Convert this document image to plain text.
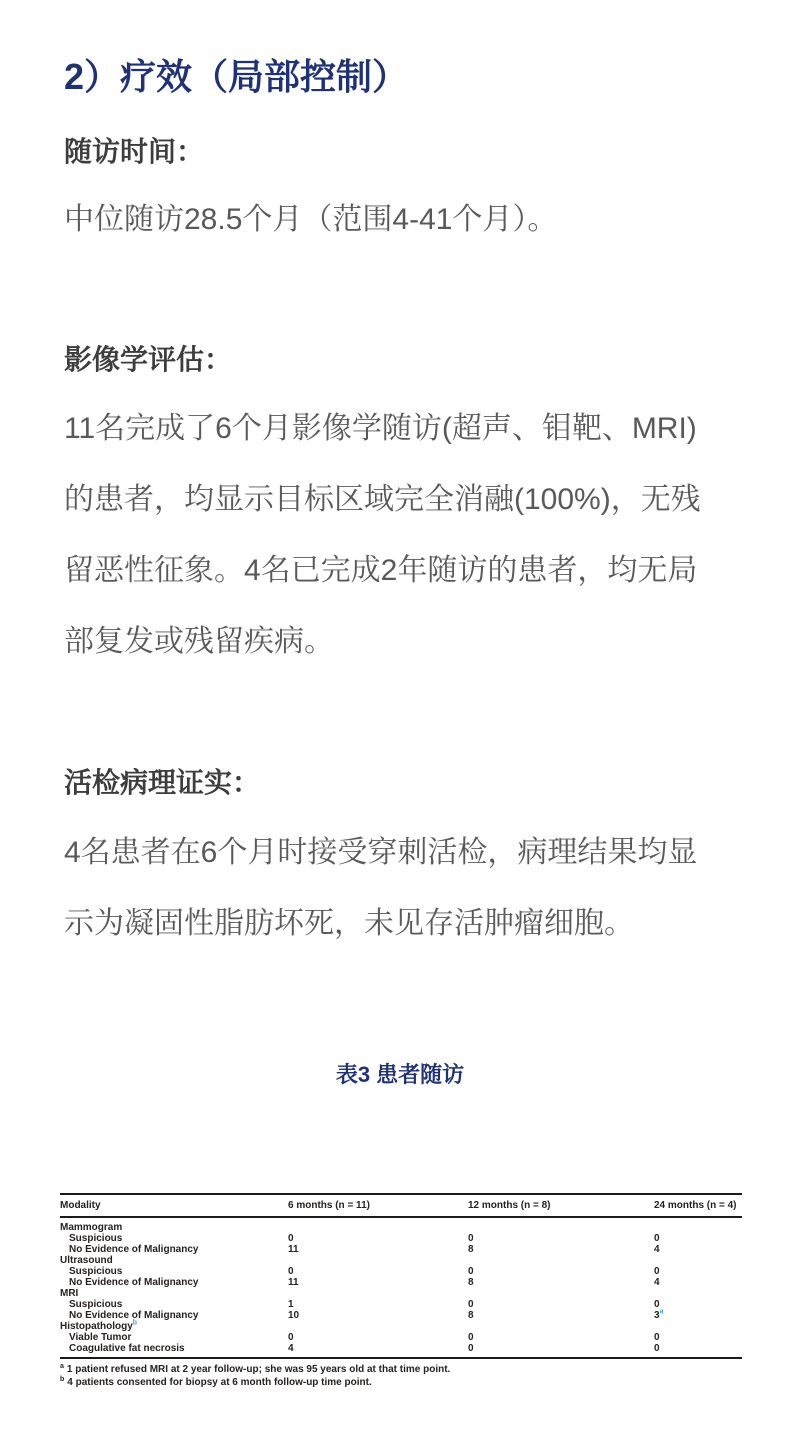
2）疗效（局部控制）
随访时间：
中位随访28.5个月（范围4-41个月）。
影像学评估：
11名完成了6个月影像学随访(超声、钼靶、MRI)
的患者，均显示目标区域完全消融(100%)，无残
留恶性征象。4名已完成2年随访的患者，均无局
部复发或残留疾病。
活检病理证实：
4名患者在6个月时接受穿刺活检，病理结果均显
示为凝固性脂肪坏死，未见存活肿瘤细胞。
表3 患者随访
Modality	6 months (n = 11)	12 months (n = 8)	24 months (n = 4)
Mammogram			
Suspicious	0	0	0
No Evidence of Malignancy	11	8	4
Ultrasound			
Suspicious	0	0	0
No Evidence of Malignancy	11	8	4
MRI			
Suspicious	1	0	0
No Evidence of Malignancy	10	8	3$^a$
Histopathology$^b$			
Viable Tumor	0	0	0
Coagulative fat necrosis	4	0	0
$^a$ 1 patient refused MRI at 2 year follow-up; she was 95 years old at that time point.
$^b$ 4 patients consented for biopsy at 6 month follow-up time point.
